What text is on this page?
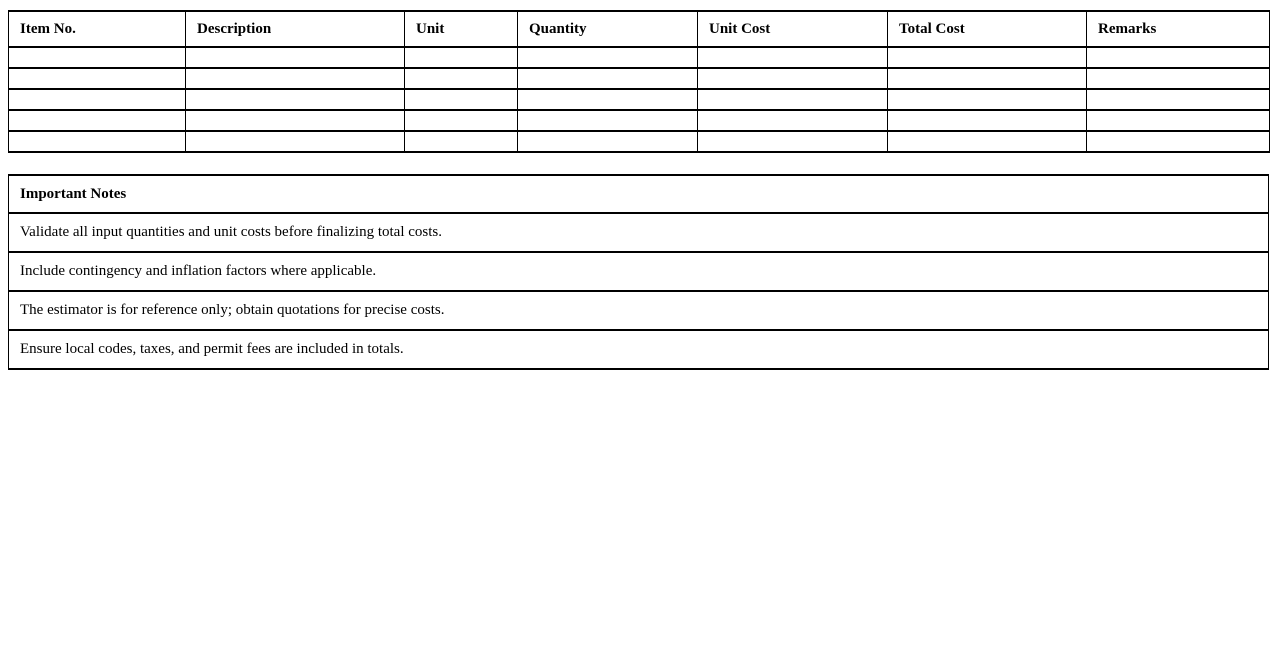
Item No.	Description	Unit	Quantity	Unit Cost	Total Cost	Remarks

Important Notes
Validate all input quantities and unit costs before finalizing total costs.
Include contingency and inflation factors where applicable.
The estimator is for reference only; obtain quotations for precise costs.
Ensure local codes, taxes, and permit fees are included in totals.
